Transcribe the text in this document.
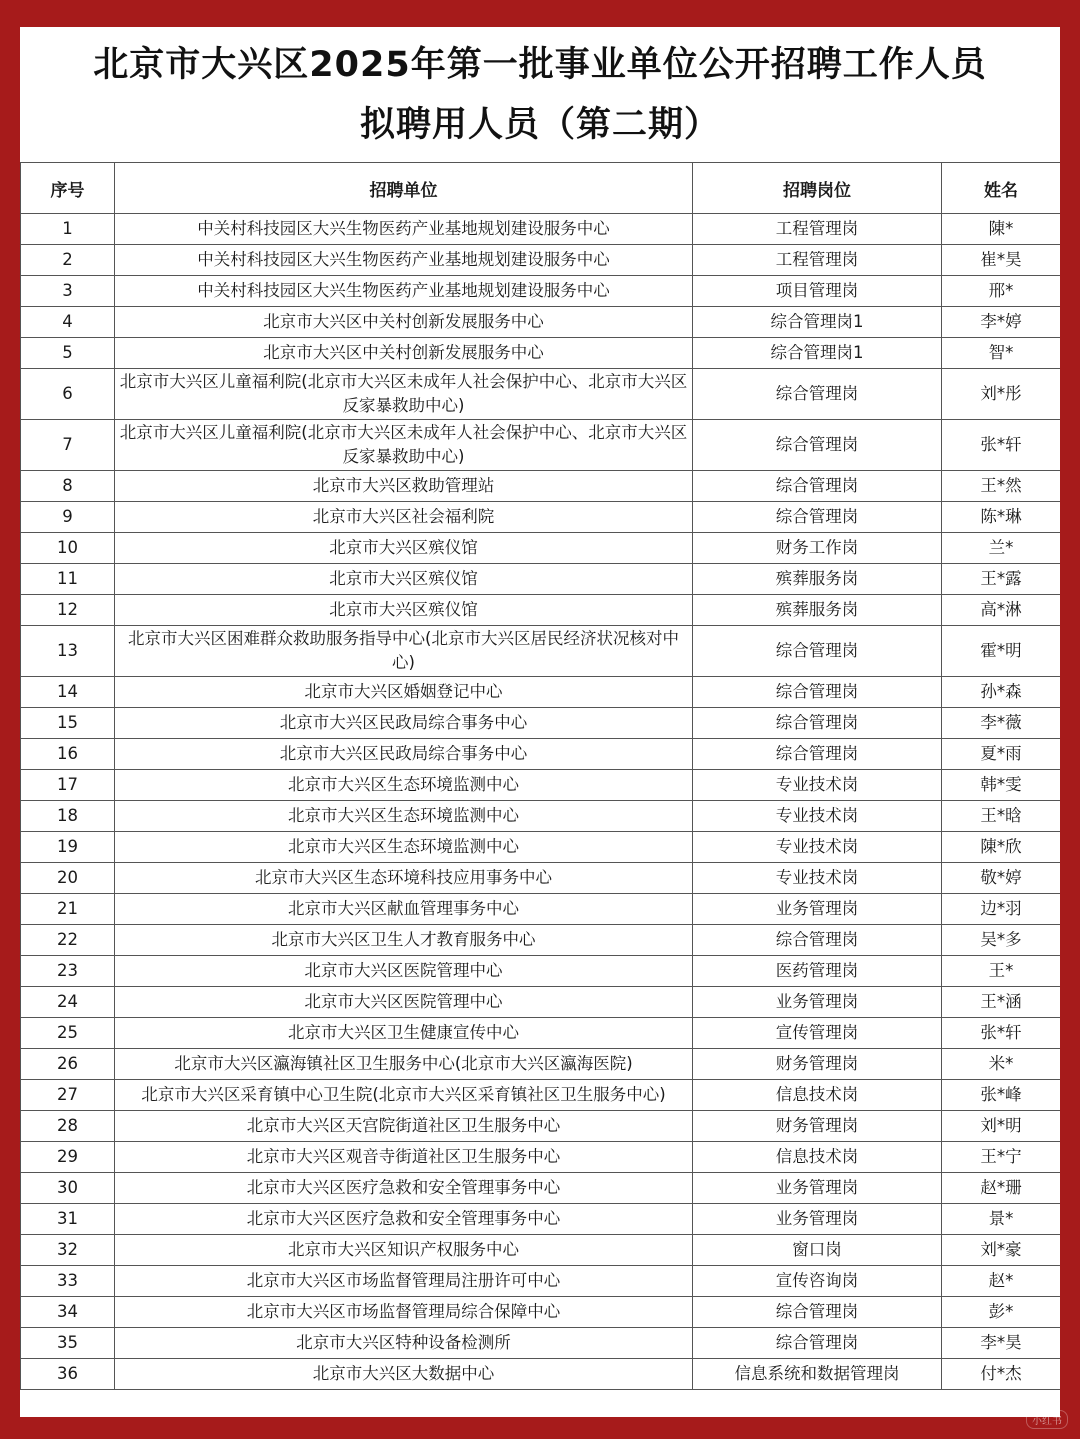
北京市大兴区2025年第一批事业单位公开招聘工作人员
拟聘用人员（第二期）
序号	招聘单位	招聘岗位	姓名
1	中关村科技园区大兴生物医药产业基地规划建设服务中心	工程管理岗	陳*
2	中关村科技园区大兴生物医药产业基地规划建设服务中心	工程管理岗	崔*昊
3	中关村科技园区大兴生物医药产业基地规划建设服务中心	项目管理岗	邢*
4	北京市大兴区中关村创新发展服务中心	综合管理岗1	李*婷
5	北京市大兴区中关村创新发展服务中心	综合管理岗1	智*
6	北京市大兴区儿童福利院(北京市大兴区未成年人社会保护中心、北京市大兴区反家暴救助中心)	综合管理岗	刘*彤
7	北京市大兴区儿童福利院(北京市大兴区未成年人社会保护中心、北京市大兴区反家暴救助中心)	综合管理岗	张*轩
8	北京市大兴区救助管理站	综合管理岗	王*然
9	北京市大兴区社会福利院	综合管理岗	陈*琳
10	北京市大兴区殡仪馆	财务工作岗	兰*
11	北京市大兴区殡仪馆	殡葬服务岗	王*露
12	北京市大兴区殡仪馆	殡葬服务岗	高*淋
13	北京市大兴区困难群众救助服务指导中心(北京市大兴区居民经济状况核对中心)	综合管理岗	霍*明
14	北京市大兴区婚姻登记中心	综合管理岗	孙*森
15	北京市大兴区民政局综合事务中心	综合管理岗	李*薇
16	北京市大兴区民政局综合事务中心	综合管理岗	夏*雨
17	北京市大兴区生态环境监测中心	专业技术岗	韩*雯
18	北京市大兴区生态环境监测中心	专业技术岗	王*晗
19	北京市大兴区生态环境监测中心	专业技术岗	陳*欣
20	北京市大兴区生态环境科技应用事务中心	专业技术岗	敬*婷
21	北京市大兴区献血管理事务中心	业务管理岗	边*羽
22	北京市大兴区卫生人才教育服务中心	综合管理岗	吴*多
23	北京市大兴区医院管理中心	医药管理岗	王*
24	北京市大兴区医院管理中心	业务管理岗	王*涵
25	北京市大兴区卫生健康宣传中心	宣传管理岗	张*轩
26	北京市大兴区瀛海镇社区卫生服务中心(北京市大兴区瀛海医院)	财务管理岗	米*
27	北京市大兴区采育镇中心卫生院(北京市大兴区采育镇社区卫生服务中心)	信息技术岗	张*峰
28	北京市大兴区天宫院街道社区卫生服务中心	财务管理岗	刘*明
29	北京市大兴区观音寺街道社区卫生服务中心	信息技术岗	王*宁
30	北京市大兴区医疗急救和安全管理事务中心	业务管理岗	赵*珊
31	北京市大兴区医疗急救和安全管理事务中心	业务管理岗	景*
32	北京市大兴区知识产权服务中心	窗口岗	刘*豪
33	北京市大兴区市场监督管理局注册许可中心	宣传咨询岗	赵*
34	北京市大兴区市场监督管理局综合保障中心	综合管理岗	彭*
35	北京市大兴区特种设备检测所	综合管理岗	李*昊
36	北京市大兴区大数据中心	信息系统和数据管理岗	付*杰
小红书
